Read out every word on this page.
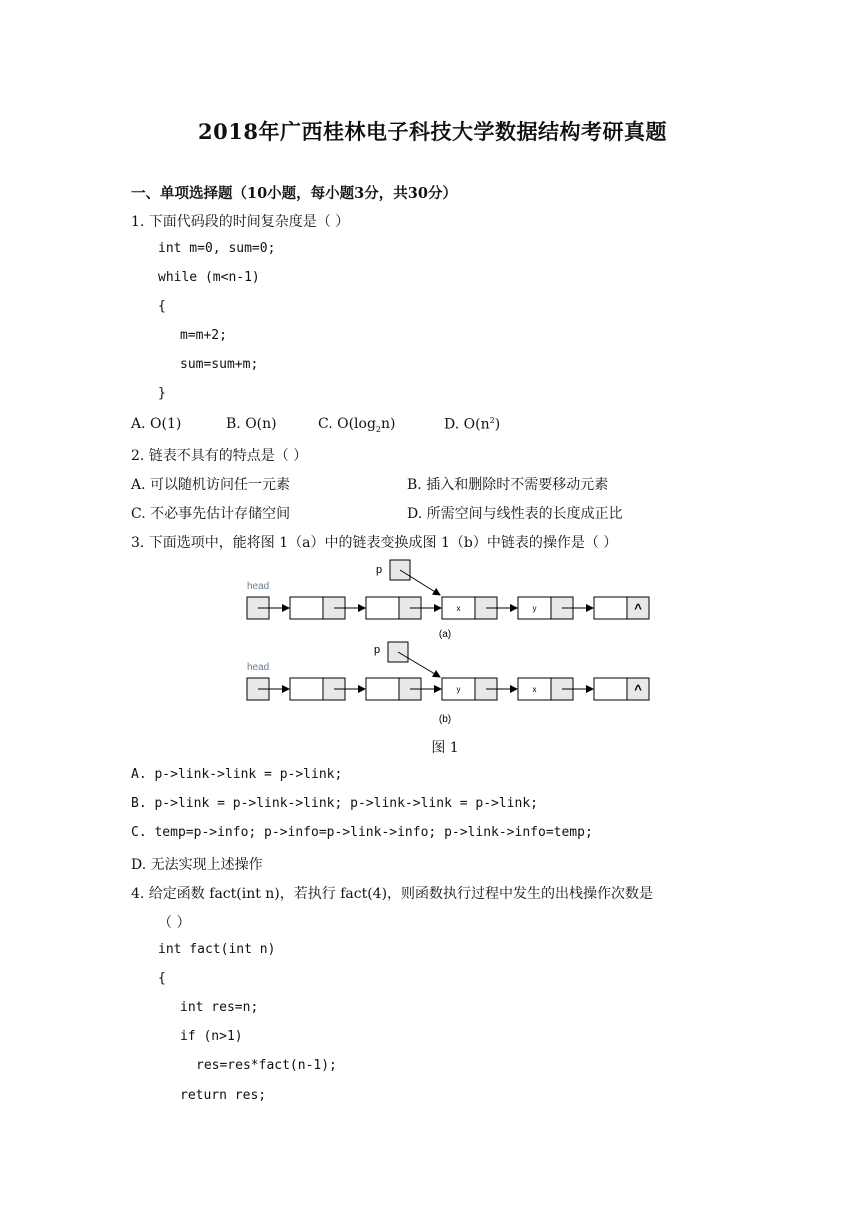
2018年广西桂林电子科技大学数据结构考研真题
一、单项选择题（10小题，每小题3分，共30分）
1. 下面代码段的时间复杂度是（ ）
int m=0, sum=0;
while (m<n-1)
{
m=m+2;
sum=sum+m;
}
A. O(1)	B. O(n)	C. $O(\log_2n)$	D. $O(n^2)$
2. 链表不具有的特点是（ ）
A. 可以随机访问任一元素	B. 插入和删除时不需要移动元素
C. 不必事先估计存储空间	D. 所需空间与线性表的长度成正比
3. 下面选项中，能将图 1（a）中的链表变换成图 1（b）中链表的操作是（ ）
head
p
x	y	^
(a)
head
p
y	x	^
(b)
图 1
A. p->link->link = p->link;
B. p->link = p->link->link; p->link->link = p->link;
C. temp=p->info; p->info=p->link->info; p->link->info=temp;
D. 无法实现上述操作
4. 给定函数 fact(int n)，若执行 fact(4)，则函数执行过程中发生的出栈操作次数是
（ ）
int fact(int n)
{
int res=n;
if (n>1)
res=res*fact(n-1);
return res;
